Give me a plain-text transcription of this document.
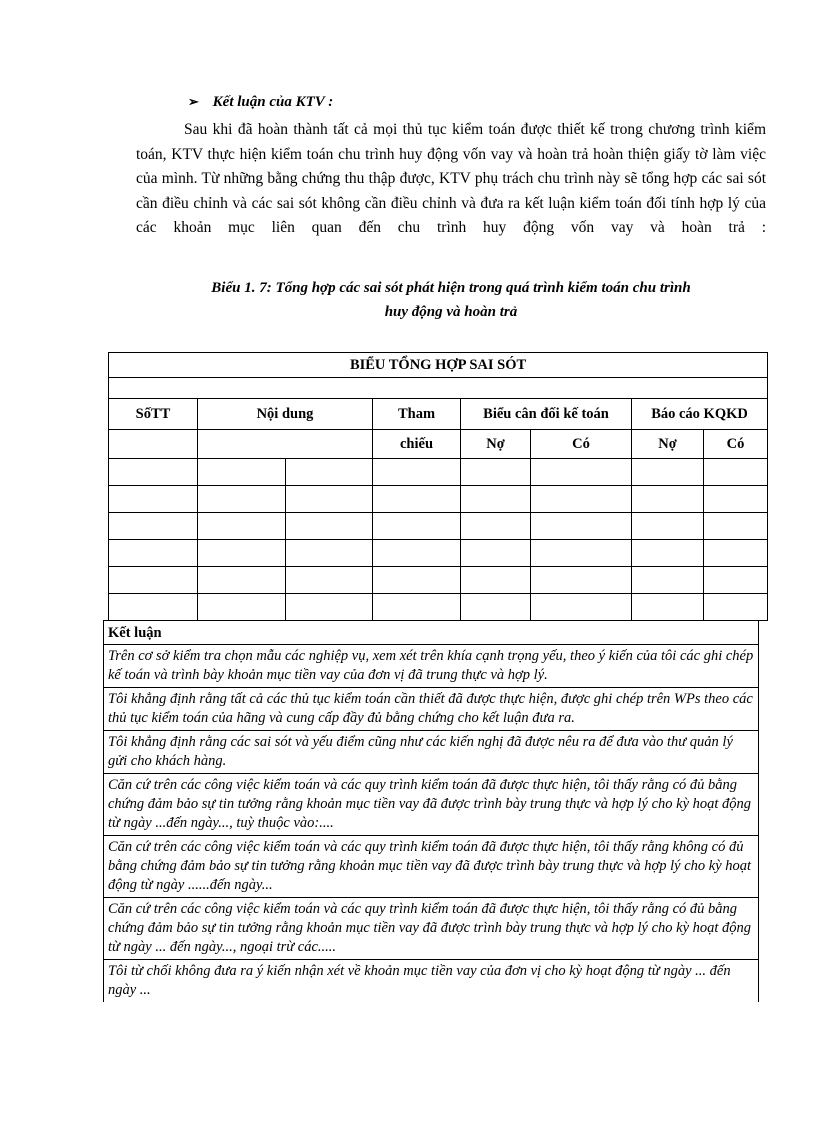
➢ Kết luận của KTV :

Sau khi đã hoàn thành tất cả mọi thủ tục kiểm toán được thiết kế trong chương trình kiểm toán, KTV thực hiện kiểm toán chu trình huy động vốn vay và hoàn trả hoàn thiện giấy tờ làm việc của mình. Từ những bằng chứng thu thập được, KTV phụ trách chu trình này sẽ tổng hợp các sai sót cần điều chỉnh và các sai sót không cần điều chỉnh và đưa ra kết luận kiểm toán đối tính hợp lý của các khoản mục liên quan đến chu trình huy động vốn vay và hoàn trả :

Biểu 1. 7: Tổng hợp các sai sót phát hiện trong quá trình kiểm toán chu trình
huy động và hoàn trả
BIỂU TỔNG HỢP SAI SÓT							

SốTT	Nội dung		Tham	Biểu cân đối kế toán		Báo cáo KQKD	
			chiếu	Nợ	Có	Nợ	Có

Kết luận
Trên cơ sở kiểm tra chọn mẫu các nghiệp vụ, xem xét trên khía cạnh trọng yếu, theo ý kiến của tôi các ghi chép kế toán và trình bày khoản mục tiền vay của đơn vị đã trung thực và hợp lý.
Tôi khẳng định rằng tất cả các thủ tục kiểm toán cần thiết đã được thực hiện, được ghi chép trên WPs theo các thủ tục kiểm toán của hãng và cung cấp đầy đủ bằng chứng cho kết luận đưa ra.
Tôi khẳng định rằng các sai sót và yếu điểm cũng như các kiến nghị đã được nêu ra để đưa vào thư quản lý gửi cho khách hàng.
Căn cứ trên các công việc kiểm toán và các quy trình kiểm toán đã được thực hiện, tôi thấy rằng có đủ bằng chứng đảm bảo sự tin tưởng rằng khoản mục tiền vay đã được trình bày trung thực và hợp lý cho kỳ hoạt động từ ngày ...đến ngày..., tuỳ thuộc vào:....
Căn cứ trên các công việc kiểm toán và các quy trình kiểm toán đã được thực hiện, tôi thấy rằng không có đủ bằng chứng đảm bảo sự tin tưởng rằng khoản mục tiền vay đã được trình bày trung thực và hợp lý cho kỳ hoạt động từ ngày ......đến ngày...
Căn cứ trên các công việc kiểm toán và các quy trình kiểm toán đã được thực hiện, tôi thấy rằng có đủ bằng chứng đảm bảo sự tin tưởng rằng khoản mục tiền vay đã được trình bày trung thực và hợp lý cho kỳ hoạt động từ ngày ... đến ngày..., ngoại trừ các.....
Tôi từ chối không đưa ra ý kiến nhận xét về khoản mục tiền vay của đơn vị cho kỳ hoạt động từ ngày ... đến ngày ...
